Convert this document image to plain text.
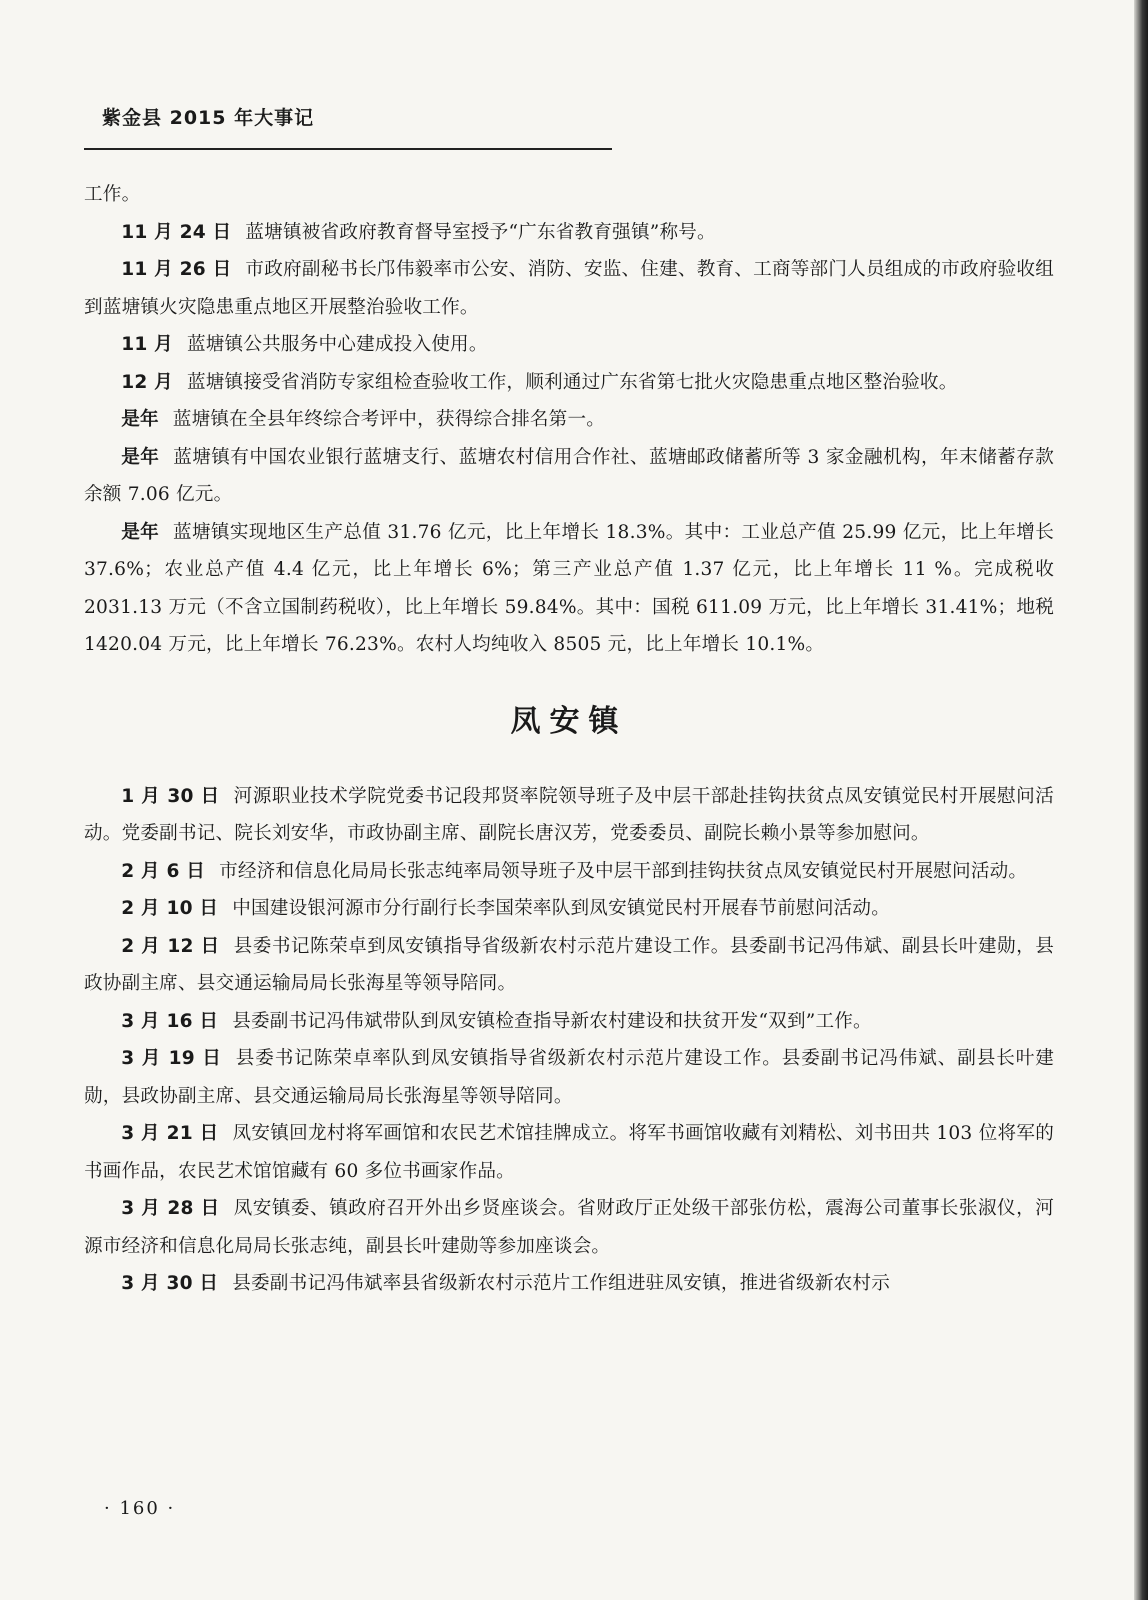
紫金县 2015 年大事记

工作。

11 月 24 日 蓝塘镇被省政府教育督导室授予“广东省教育强镇”称号。

11 月 26 日 市政府副秘书长邝伟毅率市公安、消防、安监、住建、教育、工商等部门人员组成的市政府验收组到蓝塘镇火灾隐患重点地区开展整治验收工作。

11 月 蓝塘镇公共服务中心建成投入使用。

12 月 蓝塘镇接受省消防专家组检查验收工作，顺利通过广东省第七批火灾隐患重点地区整治验收。

是年 蓝塘镇在全县年终综合考评中，获得综合排名第一。

是年 蓝塘镇有中国农业银行蓝塘支行、蓝塘农村信用合作社、蓝塘邮政储蓄所等 3 家金融机构，年末储蓄存款余额 7.06 亿元。

是年 蓝塘镇实现地区生产总值 31.76 亿元，比上年增长 18.3%。其中：工业总产值 25.99 亿元，比上年增长 37.6%；农业总产值 4.4 亿元，比上年增长 6%；第三产业总产值 1.37 亿元，比上年增长 11 %。完成税收 2031.13 万元（不含立国制药税收），比上年增长 59.84%。其中：国税 611.09 万元，比上年增长 31.41%；地税 1420.04 万元，比上年增长 76.23%。农村人均纯收入 8505 元，比上年增长 10.1%。

凤安镇

1 月 30 日 河源职业技术学院党委书记段邦贤率院领导班子及中层干部赴挂钩扶贫点凤安镇觉民村开展慰问活动。党委副书记、院长刘安华，市政协副主席、副院长唐汉芳，党委委员、副院长赖小景等参加慰问。

2 月 6 日 市经济和信息化局局长张志纯率局领导班子及中层干部到挂钩扶贫点凤安镇觉民村开展慰问活动。

2 月 10 日 中国建设银河源市分行副行长李国荣率队到凤安镇觉民村开展春节前慰问活动。

2 月 12 日 县委书记陈荣卓到凤安镇指导省级新农村示范片建设工作。县委副书记冯伟斌、副县长叶建勋，县政协副主席、县交通运输局局长张海星等领导陪同。

3 月 16 日 县委副书记冯伟斌带队到凤安镇检查指导新农村建设和扶贫开发“双到”工作。

3 月 19 日 县委书记陈荣卓率队到凤安镇指导省级新农村示范片建设工作。县委副书记冯伟斌、副县长叶建勋，县政协副主席、县交通运输局局长张海星等领导陪同。

3 月 21 日 凤安镇回龙村将军画馆和农民艺术馆挂牌成立。将军书画馆收藏有刘精松、刘书田共 103 位将军的书画作品，农民艺术馆馆藏有 60 多位书画家作品。

3 月 28 日 凤安镇委、镇政府召开外出乡贤座谈会。省财政厅正处级干部张仿松，震海公司董事长张淑仪，河源市经济和信息化局局长张志纯，副县长叶建勋等参加座谈会。

3 月 30 日 县委副书记冯伟斌率县省级新农村示范片工作组进驻凤安镇，推进省级新农村示

· 160 ·
